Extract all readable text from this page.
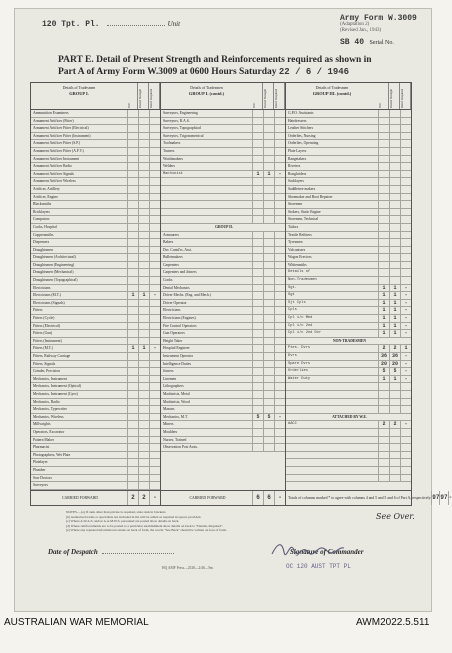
120 Tpt. Pl.	Unit
Army Form W.3009
(Adaptation 2)
(Revised Jan., 1943)
SB 40 Serial No.
PART E. Detail of Present Strength and Reinforcements required as shown in
Part A of Army Form W.3009 at 0600 Hours Saturday 22 / 6 / 1946
Details of Tradesmen
GROUP I.
W.E.	Posted Strength	Reinf. Required
Ammunition Examiners
Armament Artificer (Fitter)
Armament Artificer Fitter (Electrical)
Armament Artificer Fitter (Instrument)
Armament Artificer Fitter (S.P.)
Armament Artificer Fitter (A.F.V.)
Armament Artificer Instrument
Armament Artificer Radio
Armament Artificer Signals
Armament Artificer Wireless
Artificer, Artillery
Artificer, Engine
Blacksmiths
Bricklayers
Computors
Cooks, Hospital
Coppersmiths
Dispensers
Draughtsmen
Draughtsmen (Architectural)
Draughtsmen (Engineering)
Draughtsmen (Mechanical)
Draughtsmen (Topographical)
Electricians
Electricians (M.T.)	1	1	-
Electricians (Signals)
Fitters
Fitters (Cycle)
Fitters (Electrical)
Fitters (Gun)
Fitters (Instrument)
Fitters (M.T.)	1	1	-
Fitters, Railway Carriage
Fitters, Signals
Grinder, Precision
Mechanics, Instrument
Mechanics, Instrument (Optical)
Mechanics, Instrument (Gyro)
Mechanics, Radio
Mechanics, Typewriter
Mechanics, Wireless
Millwrights
Operators, Excavator
Pattern Maker
Pharmacist
Photographers, Wet Plate
Platelayer
Plumber
Saw Doctors
Surveyors
CARRIED FORWARD	2	2	-
Details of Tradesmen
GROUP I. (contd.)
W.E.	Posted Strength	Reinf. Required
Surveyors, Engineering
Surveyors, R.A.S.
Surveyors, Topographical
Surveyors, Trigonometrical
Toolmakers
Turners
Watchmakers
Welders
Machinist	1	1	-
GROUP II.
Armourers
Bakers
Dvr. Contd'rs. Asst.
Bulletmakers
Carpenters
Carpenters and Joiners
Cooks
Dental Mechanics
Driver Mechs. (Eng. and Mech.)
Driver Operator
Electricians
Electricians (Engines)
Fire Control Operators
Gun Operators
Height Taker
Hospital Engineer
Instrument Operator
Intelligence Duties
Joiners
Linemen
Lithographers
Machinists, Metal
Machinists, Wood
Masons
Mechanics, M.T.	5	5	-
Miners
Moulders
Nurses, Trained
Observation Post Assts.
CARRIED FORWARD	6	6	-
Details of Tradesmen
GROUP III. (contd.)
W.E.	Posted Strength	Reinf. Required
G.P.O. Assistants
Hairdressers
Leather Stitchers
Orderlies, Nursing
Orderlies, Operating
Plate Layers
Rangetakers
Riveters
Roughriders
Sacklayers
Saddletree makers
Shoemaker and Boot Repairer
Storemen
Stokers, Static Engine
Storemen, Technical
Tailors
Textile Refitters
Tyresmen
Vulcanisers
Wagon Erectors
Whitesmiths
Details of
Non-Tradesmen
Sgt.	1	1	-
Sgt	1	1	-
Sjt Cpls	1	1	-
Cpls	1	1	-
Cpl i/c Med	1	1	-
Cpl i/c 2nd	1	1	-
Cpl i/c 2nd Dvr	1	1	-
NON-TRADESMEN
Ptes. Dvrs	2	2	1
Dvrs	36 36	-
Spare Dvrs	20 20	-
Orderlies	5	5	-
Water Duty	1	1	-
ATTACHED BY W.E.
AACC	2	2	-
Totals of columns marked * to agree with columns 4 and 5 and 5 and 6 of Part A, respectively. 97 97 -
NOTES.—(a) If rank other than private is required, state rank in brackets.
(b) Authorised trades or specialists not included in list will be added as required in spaces provided.
(c) Where A.W.A.S. and/or A.A.M.W.S. personnel are posted show details on back.
(d) Where reinforcements are to be posted to a particular establishment show details on back to "Details, Required".
(e) Where any repeated information is made on back of form, the words "See Back" should be written on face of form.
See Over.
Date of Despatch	Signature of Commander
OC 120 AUST TPT PL
HQ AMF Press—2528—2/46—9m
AUSTRALIAN WAR MEMORIAL	AWM2022.5.511
